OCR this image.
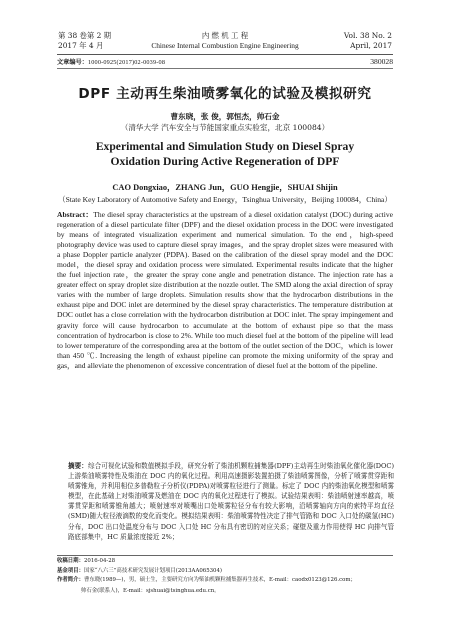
第 38 卷第 2 期	内 燃 机 工 程	Vol. 38 No. 2
2017 年 4 月	Chinese Internal Combustion Engine Engineering	April, 2017
文章编号：1000-0925(2017)02-0039-08	380028
DPF 主动再生柴油喷雾氧化的试验及模拟研究
曹东晓，张 俊，郭恒杰，帅石金
（清华大学 汽车安全与节能国家重点实验室，北京 100084）
Experimental and Simulation Study on Diesel Spray Oxidation During Active Regeneration of DPF
CAO Dongxiao，ZHANG Jun，GUO Hengjie，SHUAI Shijin
（State Key Laboratory of Automotive Safety and Energy，Tsinghua University，Beijing 100084，China）
Abstract：The diesel spray characteristics at the upstream of a diesel oxidation catalyst (DOC) during active regeneration of a diesel particulate filter (DPF) and the diesel oxidation process in the DOC were investigated by means of integrated visualization experiment and numerical simulation. To the end，high-speed photography device was used to capture diesel spray images，and the spray droplet sizes were measured with a phase Doppler particle analyzer (PDPA). Based on the calibration of the diesel spray model and the DOC model，the diesel spray and oxidation process were simulated. Experimental results indicate that the higher the fuel injection rate，the greater the spray cone angle and penetration distance. The injection rate has a greater effect on spray droplet size distribution at the nozzle outlet. The SMD along the axial direction of spray varies with the number of large droplets. Simulation results show that the hydrocarbon distributions in the exhaust pipe and DOC inlet are determined by the diesel spray characteristics. The temperature distribution at DOC outlet has a close correlation with the hydrocarbon distribution at DOC inlet. The spray impingement and gravity force will cause hydrocarbon to accumulate at the bottom of exhaust pipe so that the mass concentration of hydrocarbon is close to 2%. While too much diesel fuel at the bottom of the pipeline will lead to lower temperature of the corresponding area at the bottom of the outlet section of the DOC，which is lower than 450 ℃. Increasing the length of exhaust pipeline can promote the mixing uniformity of the spray and gas，and alleviate the phenomenon of excessive concentration of diesel fuel at the bottom of the pipeline.
摘要：综合可视化试验和数值模拟手段，研究分析了柴油机颗粒捕集器(DPF)主动再生时柴油氧化催化器(DOC)上游柴油喷雾特性及柴油在 DOC 内的氧化过程。利用高速摄影装置拍摄了柴油喷雾图像，分析了喷雾贯穿距和喷雾锥角，并利用相位多普勒粒子分析仪(PDPA)对喷雾粒径进行了测量。标定了 DOC 内的柴油氧化模型和喷雾模型，在此基础上对柴油喷雾及燃油在 DOC 内的氧化过程进行了模拟。试验结果表明：柴油喷射速率越高，喷雾贯穿距和喷雾锥角越大；喷射速率对喷嘴出口处喷雾粒径分布有较大影响，沿喷雾轴向方向的索特平均直径(SMD)随大粒径液滴数的变化而变化。模拟结果表明：柴油喷雾特性决定了排气管路和 DOC 入口处的碳氢(HC)分布，DOC 出口处温度分布与 DOC 入口处 HC 分布具有密切的对应关系；碰壁及重力作用使得 HC 向排气管路底部集中，HC 质量浓度接近 2%；
收稿日期：2016-04-28
基金项目：国家“八六三”高技术研究发展计划项目(2013AA065304)
作者简介：曹东晓(1989—)，男，硕士生，主要研究方向为柴油机颗粒捕集器再生技术，E-mail：caodx0123@126.com；
帅石金(联系人)，E-mail：sjshuai@tsinghua.edu.cn。
